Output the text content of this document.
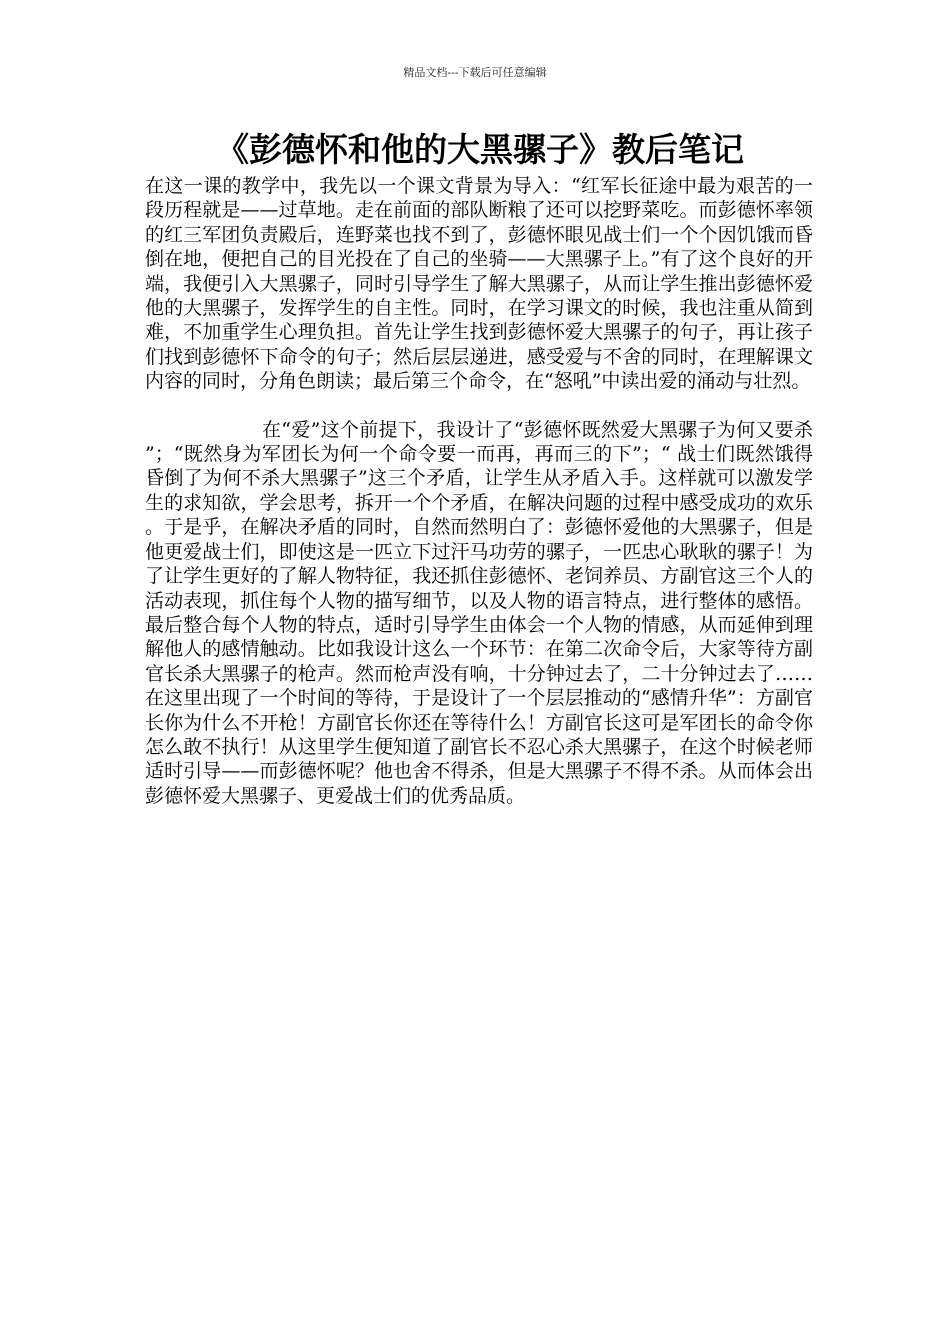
精品文档---下载后可任意编辑
《彭德怀和他的大黑骡子》教后笔记

在这一课的教学中，我先以一个课文背景为导入：“红军长征途中最为艰苦的一段历程就是——过草地。走在前面的部队断粮了还可以挖野菜吃。而彭德怀率领的红三军团负责殿后，连野菜也找不到了，彭德怀眼见战士们一个个因饥饿而昏倒在地，便把自己的目光投在了自己的坐骑——大黑骡子上。”有了这个良好的开端，我便引入大黑骡子，同时引导学生了解大黑骡子，从而让学生推出彭德怀爱他的大黑骡子，发挥学生的自主性。同时，在学习课文的时候，我也注重从简到难，不加重学生心理负担。首先让学生找到彭德怀爱大黑骡子的句子，再让孩子们找到彭德怀下命令的句子；然后层层递进，感受爱与不舍的同时，在理解课文内容的同时，分角色朗读；最后第三个命令，在“怒吼”中读出爱的涌动与壮烈。

在“爱”这个前提下，我设计了“彭德怀既然爱大黑骡子为何又要杀”；“既然身为军团长为何一个命令要一而再，再而三的下”；“ 战士们既然饿得昏倒了为何不杀大黑骡子”这三个矛盾，让学生从矛盾入手。这样就可以激发学生的求知欲，学会思考，拆开一个个矛盾，在解决问题的过程中感受成功的欢乐。于是乎，在解决矛盾的同时，自然而然明白了：彭德怀爱他的大黑骡子，但是他更爱战士们，即使这是一匹立下过汗马功劳的骡子，一匹忠心耿耿的骡子！为了让学生更好的了解人物特征，我还抓住彭德怀、老饲养员、方副官这三个人的活动表现，抓住每个人物的描写细节，以及人物的语言特点，进行整体的感悟。最后整合每个人物的特点，适时引导学生由体会一个人物的情感，从而延伸到理解他人的感情触动。比如我设计这么一个环节：在第二次命令后，大家等待方副官长杀大黑骡子的枪声。然而枪声没有响，十分钟过去了，二十分钟过去了……在这里出现了一个时间的等待，于是设计了一个层层推动的“感情升华”：方副官长你为什么不开枪！方副官长你还在等待什么！方副官长这可是军团长的命令你怎么敢不执行！从这里学生便知道了副官长不忍心杀大黑骡子，在这个时候老师适时引导——而彭德怀呢？他也舍不得杀，但是大黑骡子不得不杀。从而体会出彭德怀爱大黑骡子、更爱战士们的优秀品质。
